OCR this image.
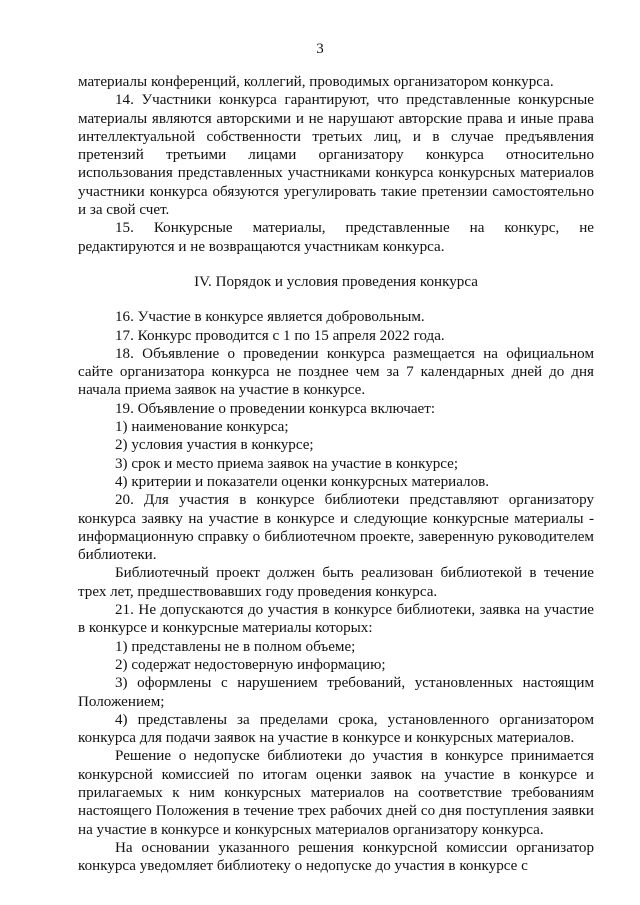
3

материалы конференций, коллегий, проводимых организатором конкурса.

14. Участники конкурса гарантируют, что представленные конкурсные материалы являются авторскими и не нарушают авторские права и иные права интеллектуальной собственности третьих лиц, и в случае предъявления претензий третьими лицами организатору конкурса относительно использования представленных участниками конкурса конкурсных материалов участники конкурса обязуются урегулировать такие претензии самостоятельно и за свой счет.

15. Конкурсные материалы, представленные на конкурс, не редактируются и не возвращаются участникам конкурса.

IV. Порядок и условия проведения конкурса

16. Участие в конкурсе является добровольным.

17. Конкурс проводится с 1 по 15 апреля 2022 года.

18. Объявление о проведении конкурса размещается на официальном сайте организатора конкурса не позднее чем за 7 календарных дней до дня начала приема заявок на участие в конкурсе.

19. Объявление о проведении конкурса включает:

1) наименование конкурса;

2) условия участия в конкурсе;

3) срок и место приема заявок на участие в конкурсе;

4) критерии и показатели оценки конкурсных материалов.

20. Для участия в конкурсе библиотеки представляют организатору конкурса заявку на участие в конкурсе и следующие конкурсные материалы - информационную справку о библиотечном проекте, заверенную руководителем библиотеки.

Библиотечный проект должен быть реализован библиотекой в течение трех лет, предшествовавших году проведения конкурса.

21. Не допускаются до участия в конкурсе библиотеки, заявка на участие в конкурсе и конкурсные материалы которых:

1) представлены не в полном объеме;

2) содержат недостоверную информацию;

3) оформлены с нарушением требований, установленных настоящим Положением;

4) представлены за пределами срока, установленного организатором конкурса для подачи заявок на участие в конкурсе и конкурсных материалов.

Решение о недопуске библиотеки до участия в конкурсе принимается конкурсной комиссией по итогам оценки заявок на участие в конкурсе и прилагаемых к ним конкурсных материалов на соответствие требованиям настоящего Положения в течение трех рабочих дней со дня поступления заявки на участие в конкурсе и конкурсных материалов организатору конкурса.

На основании указанного решения конкурсной комиссии организатор конкурса уведомляет библиотеку о недопуске до участия в конкурсе с
